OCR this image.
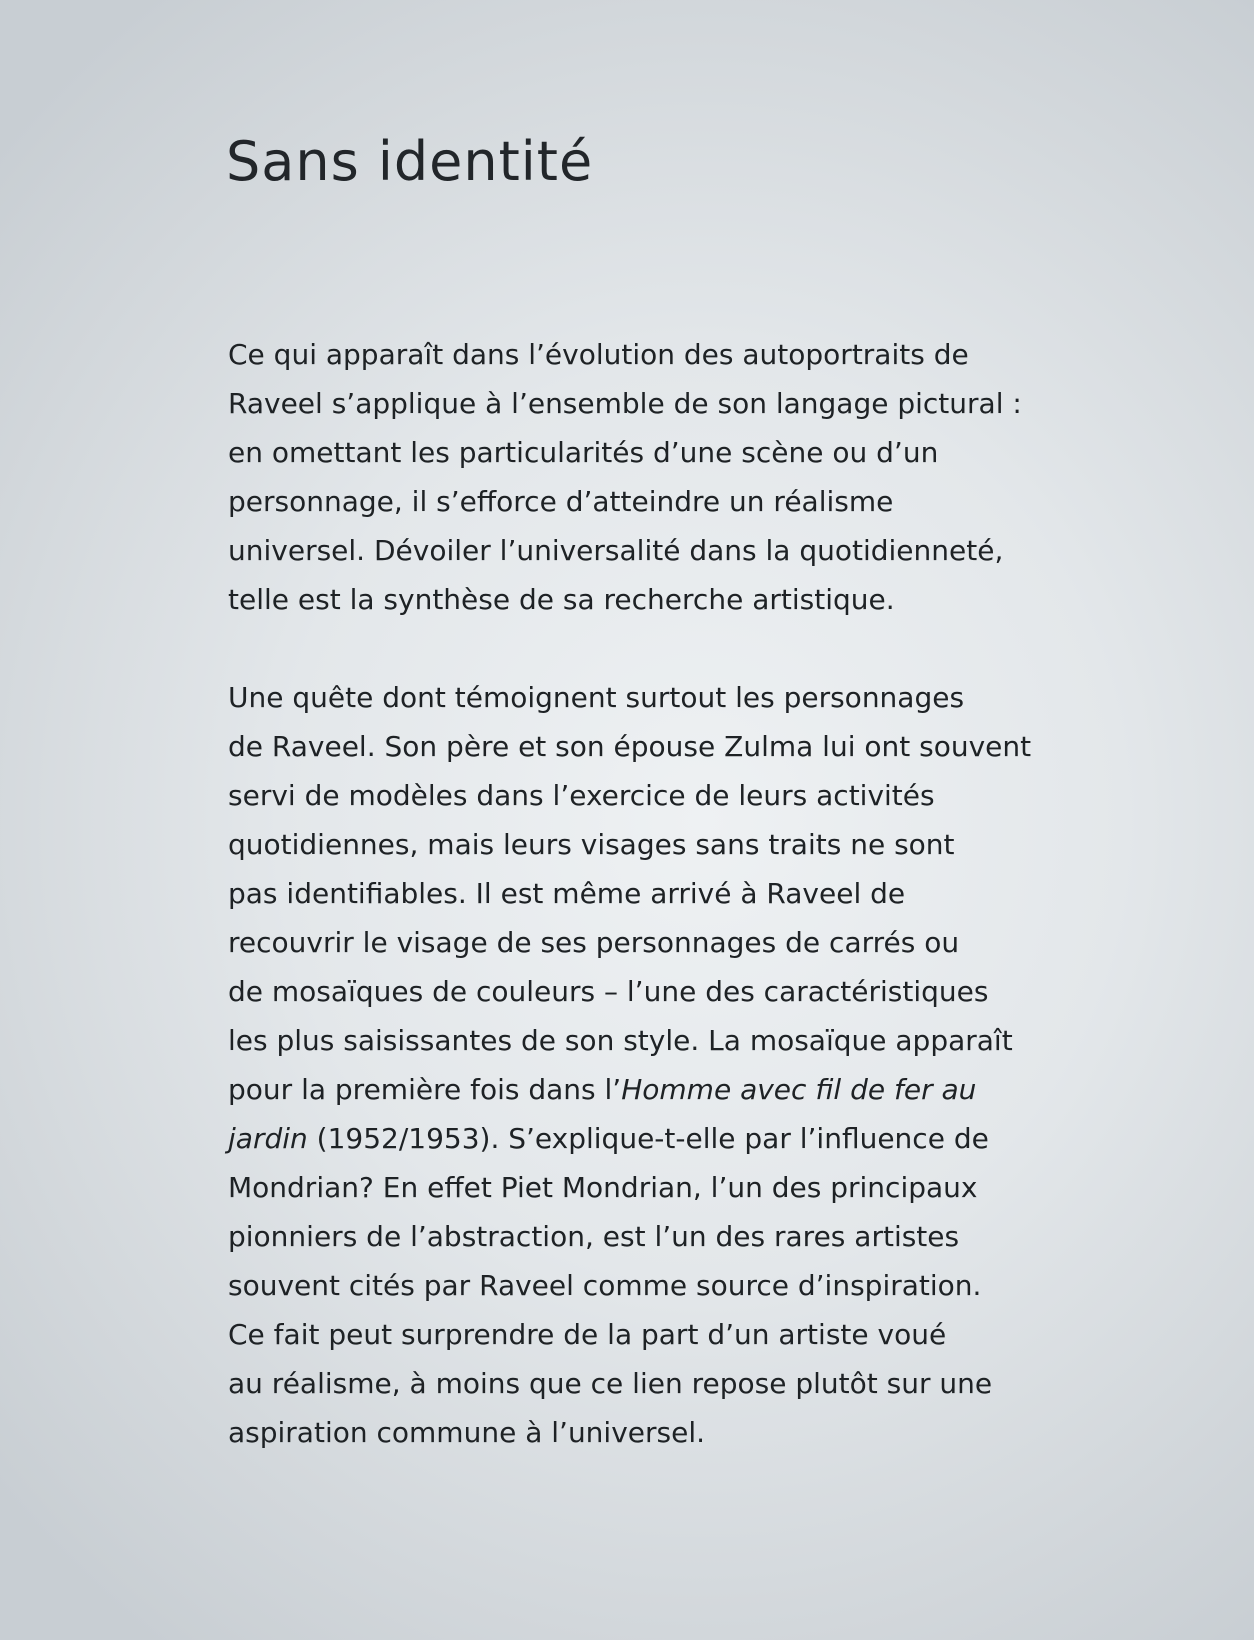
Sans identité

Ce qui apparaît dans l’évolution des autoportraits de
Raveel s’applique à l’ensemble de son langage pictural :
en omettant les particularités d’une scène ou d’un
personnage, il s’efforce d’atteindre un réalisme
universel. Dévoiler l’universalité dans la quotidienneté,
telle est la synthèse de sa recherche artistique.

Une quête dont témoignent surtout les personnages
de Raveel. Son père et son épouse Zulma lui ont souvent
servi de modèles dans l’exercice de leurs activités
quotidiennes, mais leurs visages sans traits ne sont
pas identifiables. Il est même arrivé à Raveel de
recouvrir le visage de ses personnages de carrés ou
de mosaïques de couleurs – l’une des caractéristiques
les plus saisissantes de son style. La mosaïque apparaît
pour la première fois dans l’Homme avec fil de fer au
jardin (1952/1953). S’explique-t-elle par l’influence de
Mondrian? En effet Piet Mondrian, l’un des principaux
pionniers de l’abstraction, est l’un des rares artistes
souvent cités par Raveel comme source d’inspiration.
Ce fait peut surprendre de la part d’un artiste voué
au réalisme, à moins que ce lien repose plutôt sur une
aspiration commune à l’universel.
